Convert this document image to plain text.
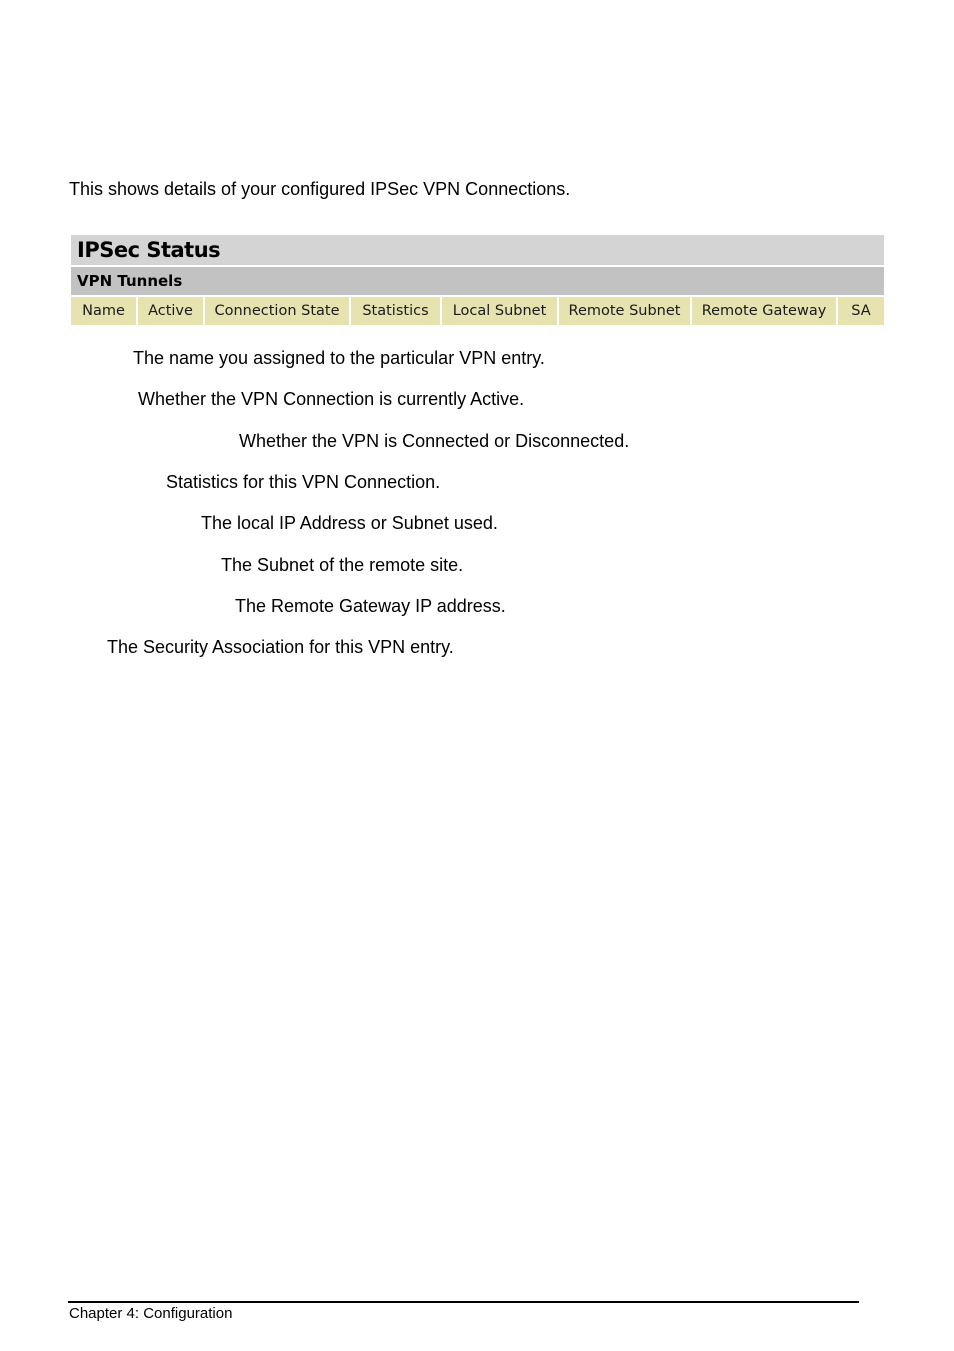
This shows details of your configured IPSec VPN Connections.

IPSec Status
VPN Tunnels
Name	Active	Connection State	Statistics	Local Subnet	Remote Subnet	Remote Gateway	SA

The name you assigned to the particular VPN entry.

Whether the VPN Connection is currently Active.

Whether the VPN is Connected or Disconnected.

Statistics for this VPN Connection.

The local IP Address or Subnet used.

The Subnet of the remote site.

The Remote Gateway IP address.

The Security Association for this VPN entry.

Chapter 4: Configuration
